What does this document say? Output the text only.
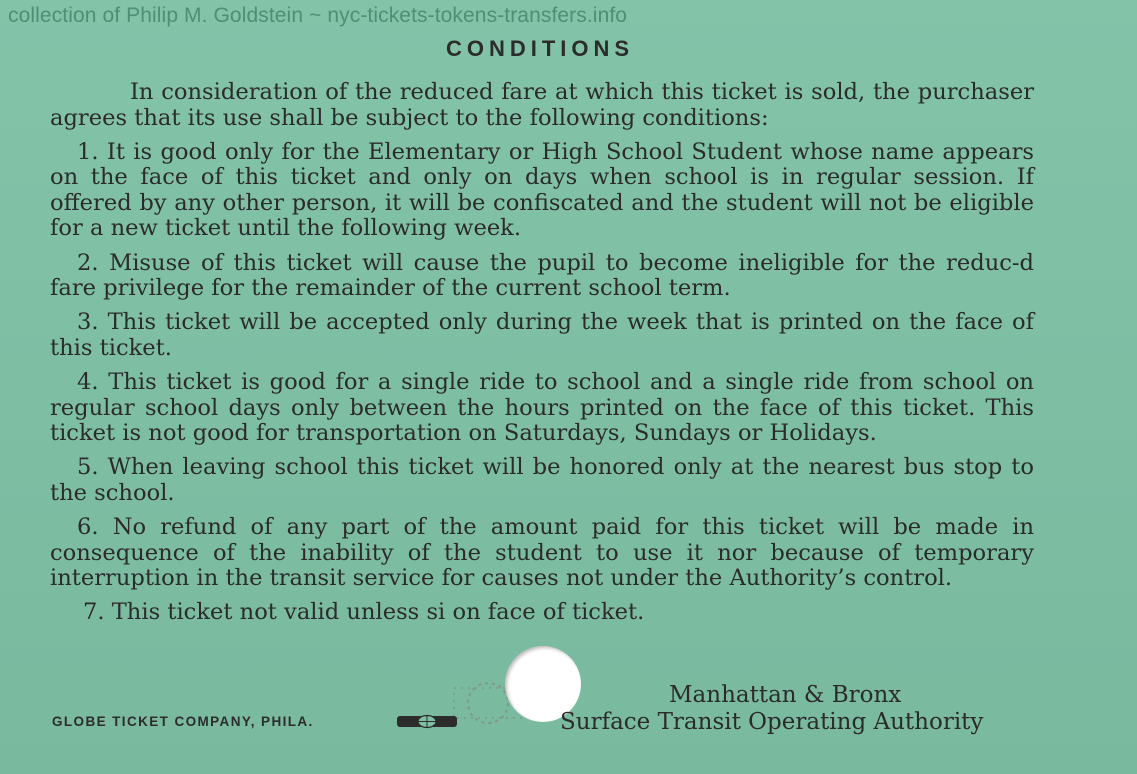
collection of Philip M. Goldstein ~ nyc-tickets-tokens-transfers.info
CONDITIONS

In consideration of the reduced fare at which this ticket is sold, the purchaser agrees that its use shall be subject to the following conditions:

1. It is good only for the Elementary or High School Student whose name appears on the face of this ticket and only on days when school is in regular session. If offered by any other person, it will be confiscated and the student will not be eligible for a new ticket until the following week.

2. Misuse of this ticket will cause the pupil to become ineligible for the reduc-d fare privilege for the remainder of the current school term.

3. This ticket will be accepted only during the week that is printed on the face of this ticket.

4. This ticket is good for a single ride to school and a single ride from school on regular school days only between the hours printed on the face of this ticket. This ticket is not good for transportation on Saturdays, Sundays or Holidays.

5. When leaving school this ticket will be honored only at the nearest bus stop to the school.

6. No refund of any part of the amount paid for this ticket will be made in consequence of the inability of the student to use it nor because of temporary interruption in the transit service for causes not under the Authority’s control.

7. This ticket not valid unless si on face of ticket.

Manhattan & Bronx
Surface Transit Operating Authority
GLOBE TICKET COMPANY, PHILA.
